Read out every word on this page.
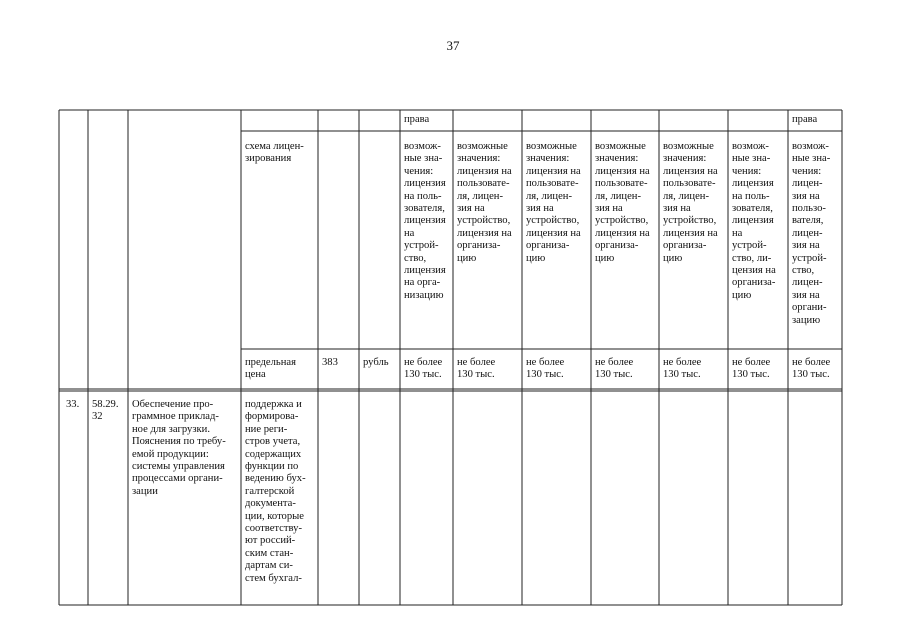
37
права	права
схема лицен-
зирования
возмож-
ные зна-
чения:
лицензия
на поль-
зователя,
лицензия
на
устрой-
ство,
лицензия
на орга-
низацию
возможные
значения:
лицензия на
пользовате-
ля, лицен-
зия на
устройство,
лицензия на
организа-
цию
возможные
значения:
лицензия на
пользовате-
ля, лицен-
зия на
устройство,
лицензия на
организа-
цию
возможные
значения:
лицензия на
пользовате-
ля, лицен-
зия на
устройство,
лицензия на
организа-
цию
возможные
значения:
лицензия на
пользовате-
ля, лицен-
зия на
устройство,
лицензия на
организа-
цию
возмож-
ные зна-
чения:
лицензия
на поль-
зователя,
лицензия
на
устрой-
ство, ли-
цензия на
организа-
цию
возмож-
ные зна-
чения:
лицен-
зия на
пользо-
вателя,
лицен-
зия на
устрой-
ство,
лицен-
зия на
органи-
зацию
предельная
цена
383 рубль не более
130 тыс.
не более
130 тыс.
не более
130 тыс.
не более
130 тыс.
не более
130 тыс.
не более
130 тыс.
не более
130 тыс.
33. 58.29.
32
Обеспечение про-
граммное приклад-
ное для загрузки.
Пояснения по требу-
емой продукции:
системы управления
процессами органи-
зации
поддержка и
формирова-
ние реги-
стров учета,
содержащих
функции по
ведению бух-
галтерской
документа-
ции, которые
соответству-
ют россий-
ским стан-
дартам си-
стем бухгал-
